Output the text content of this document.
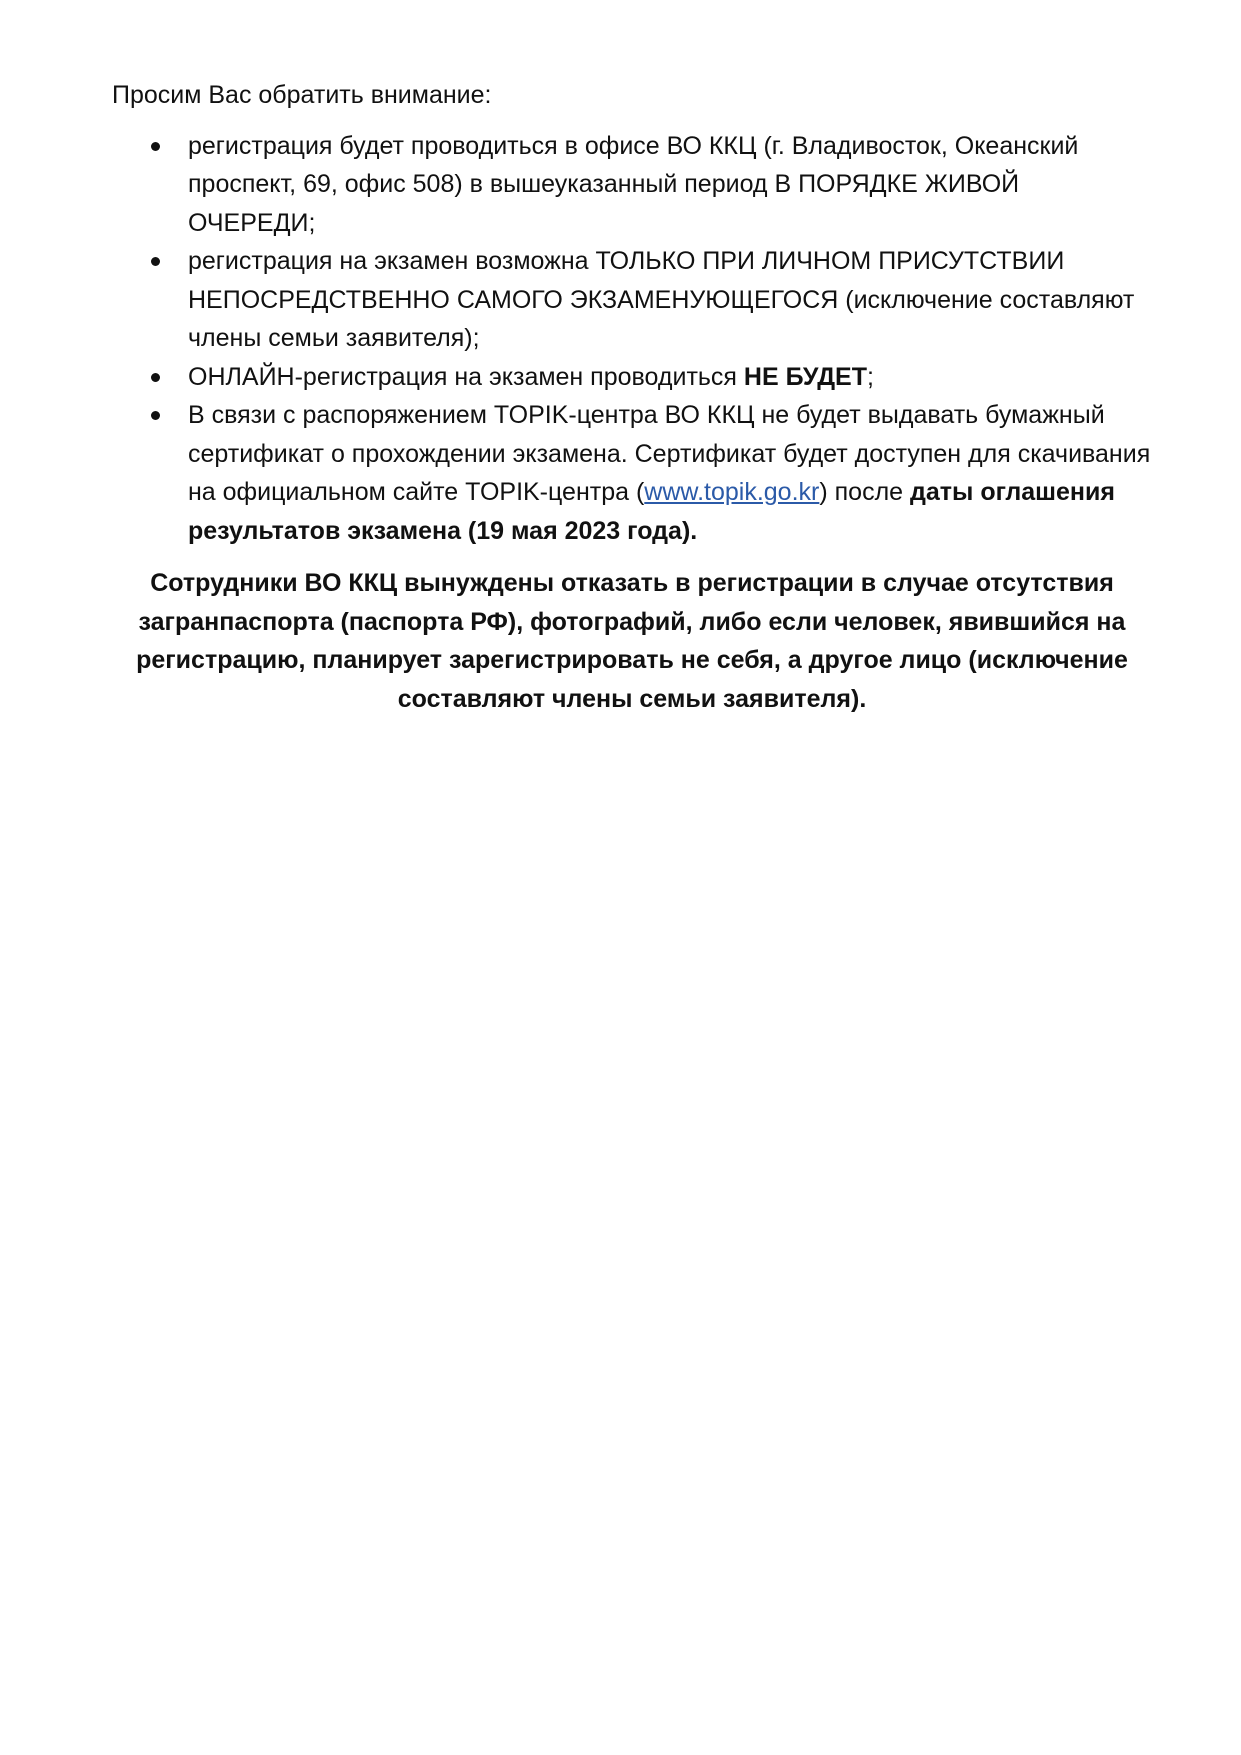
Просим Вас обратить внимание:

регистрация будет проводиться в офисе ВО ККЦ (г. Владивосток, Океанский проспект, 69, офис 508) в вышеуказанный период В ПОРЯДКЕ ЖИВОЙ ОЧЕРЕДИ;
регистрация на экзамен возможна ТОЛЬКО ПРИ ЛИЧНОМ ПРИСУТСТВИИ НЕПОСРЕДСТВЕННО САМОГО ЭКЗАМЕНУЮЩЕГОСЯ (исключение составляют члены семьи заявителя);
ОНЛАЙН-регистрация на экзамен проводиться НЕ БУДЕТ;
В связи с распоряжением TOPIK-центра ВО ККЦ не будет выдавать бумажный сертификат о прохождении экзамена. Сертификат будет доступен для скачивания на официальном сайте TOPIK-центра (www.topik.go.kr) после даты оглашения результатов экзамена (19 мая 2023 года).

Сотрудники ВО ККЦ вынуждены отказать в регистрации в случае отсутствия загранпаспорта (паспорта РФ), фотографий, либо если человек, явившийся на регистрацию, планирует зарегистрировать не себя, а другое лицо (исключение составляют члены семьи заявителя).
